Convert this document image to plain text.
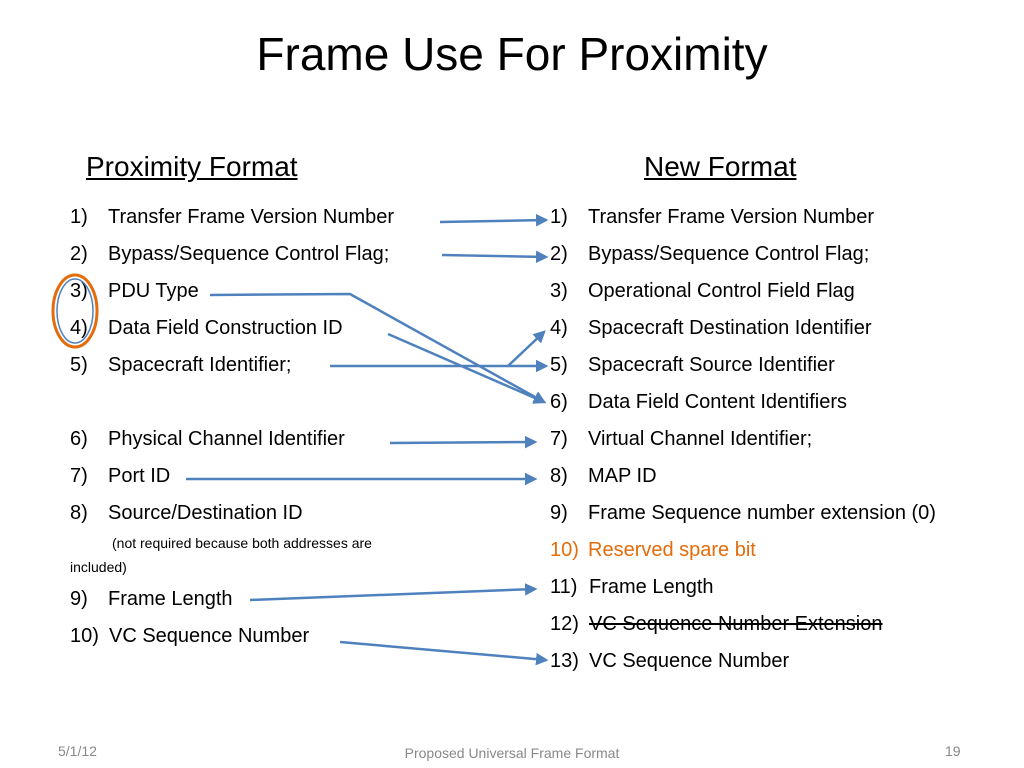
Frame Use For Proximity
Proximity Format	New Format
1) Transfer Frame Version Number
2) Bypass/Sequence Control Flag;
3) PDU Type
4) Data Field Construction ID
5) Spacecraft Identifier;
6) Physical Channel Identifier
7) Port ID
8) Source/Destination ID
(not required because both addresses are
included)
9) Frame Length
10) VC Sequence Number
1) Transfer Frame Version Number
2) Bypass/Sequence Control Flag;
3) Operational Control Field Flag
4) Spacecraft Destination Identifier
5) Spacecraft Source Identifier
6) Data Field Content Identifiers
7) Virtual Channel Identifier;
8) MAP ID
9) Frame Sequence number extension (0)
10) Reserved spare bit
11) Frame Length
12) VC Sequence Number Extension
13) VC Sequence Number
5/1/12	Proposed Universal Frame Format	19
